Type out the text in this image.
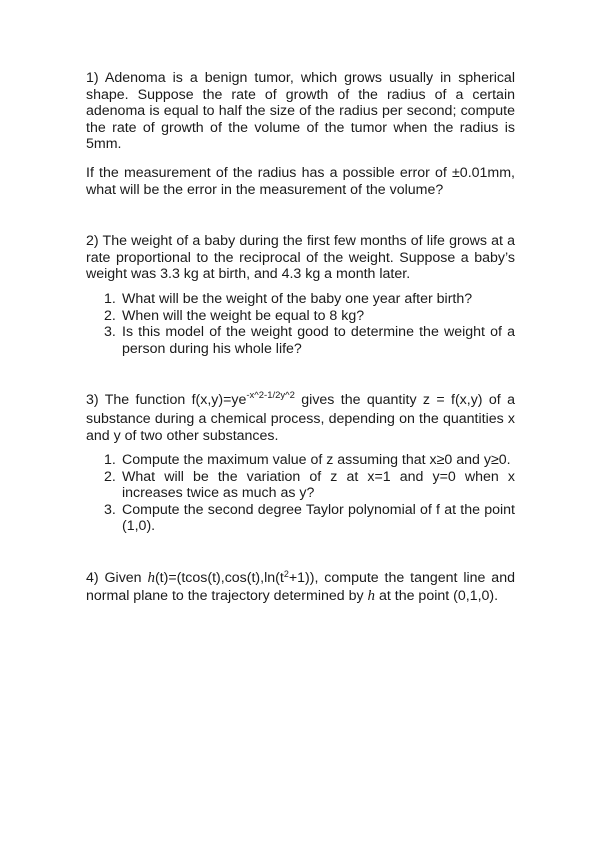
1) Adenoma is a benign tumor, which grows usually in spherical shape. Suppose the rate of growth of the radius of a certain adenoma is equal to half the size of the radius per second; compute the rate of growth of the volume of the tumor when the radius is 5mm.

If the measurement of the radius has a possible error of ±0.01mm, what will be the error in the measurement of the volume?

2) The weight of a baby during the first few months of life grows at a rate proportional to the reciprocal of the weight. Suppose a baby’s weight was 3.3 kg at birth, and 4.3 kg a month later.

1. What will be the weight of the baby one year after birth?
2. When will the weight be equal to 8 kg?
3. Is this model of the weight good to determine the weight of a person during his whole life?

3) The function $f(x,y)=ye^{-x\^{}2-1/2y\^{}2}$ gives the quantity z = f(x,y) of a substance during a chemical process, depending on the quantities x and y of two other substances.

1. Compute the maximum value of z assuming that x≥0 and y≥0.
2. What will be the variation of z at x=1 and y=0 when x increases twice as much as y?
3. Compute the second degree Taylor polynomial of f at the point (1,0).

4) Given $h(t)=(tcos(t),\cos(t),\ln(t^2+1))$, compute the tangent line and normal plane to the trajectory determined by h at the point (0,1,0).
